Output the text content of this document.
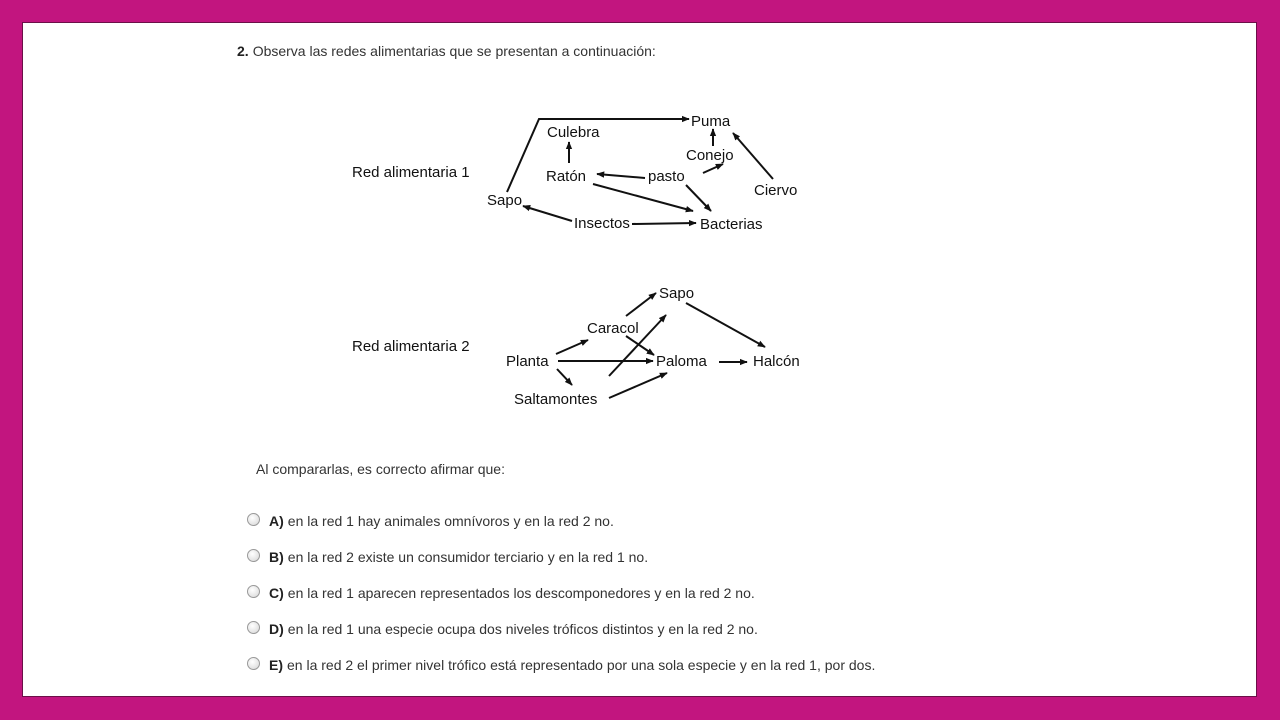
2. Observa las redes alimentarias que se presentan a continuación:
Red alimentaria 1
Culebra
Puma
Conejo
Ratón	pasto
Ciervo
Sapo
Insectos	Bacterias
Red alimentaria 2
Sapo
Caracol
Planta	Paloma	Halcón
Saltamontes
Al compararlas, es correcto afirmar que:
A) en la red 1 hay animales omnívoros y en la red 2 no.
B) en la red 2 existe un consumidor terciario y en la red 1 no.
C) en la red 1 aparecen representados los descomponedores y en la red 2 no.
D) en la red 1 una especie ocupa dos niveles tróficos distintos y en la red 2 no.
E) en la red 2 el primer nivel trófico está representado por una sola especie y en la red 1, por dos.
